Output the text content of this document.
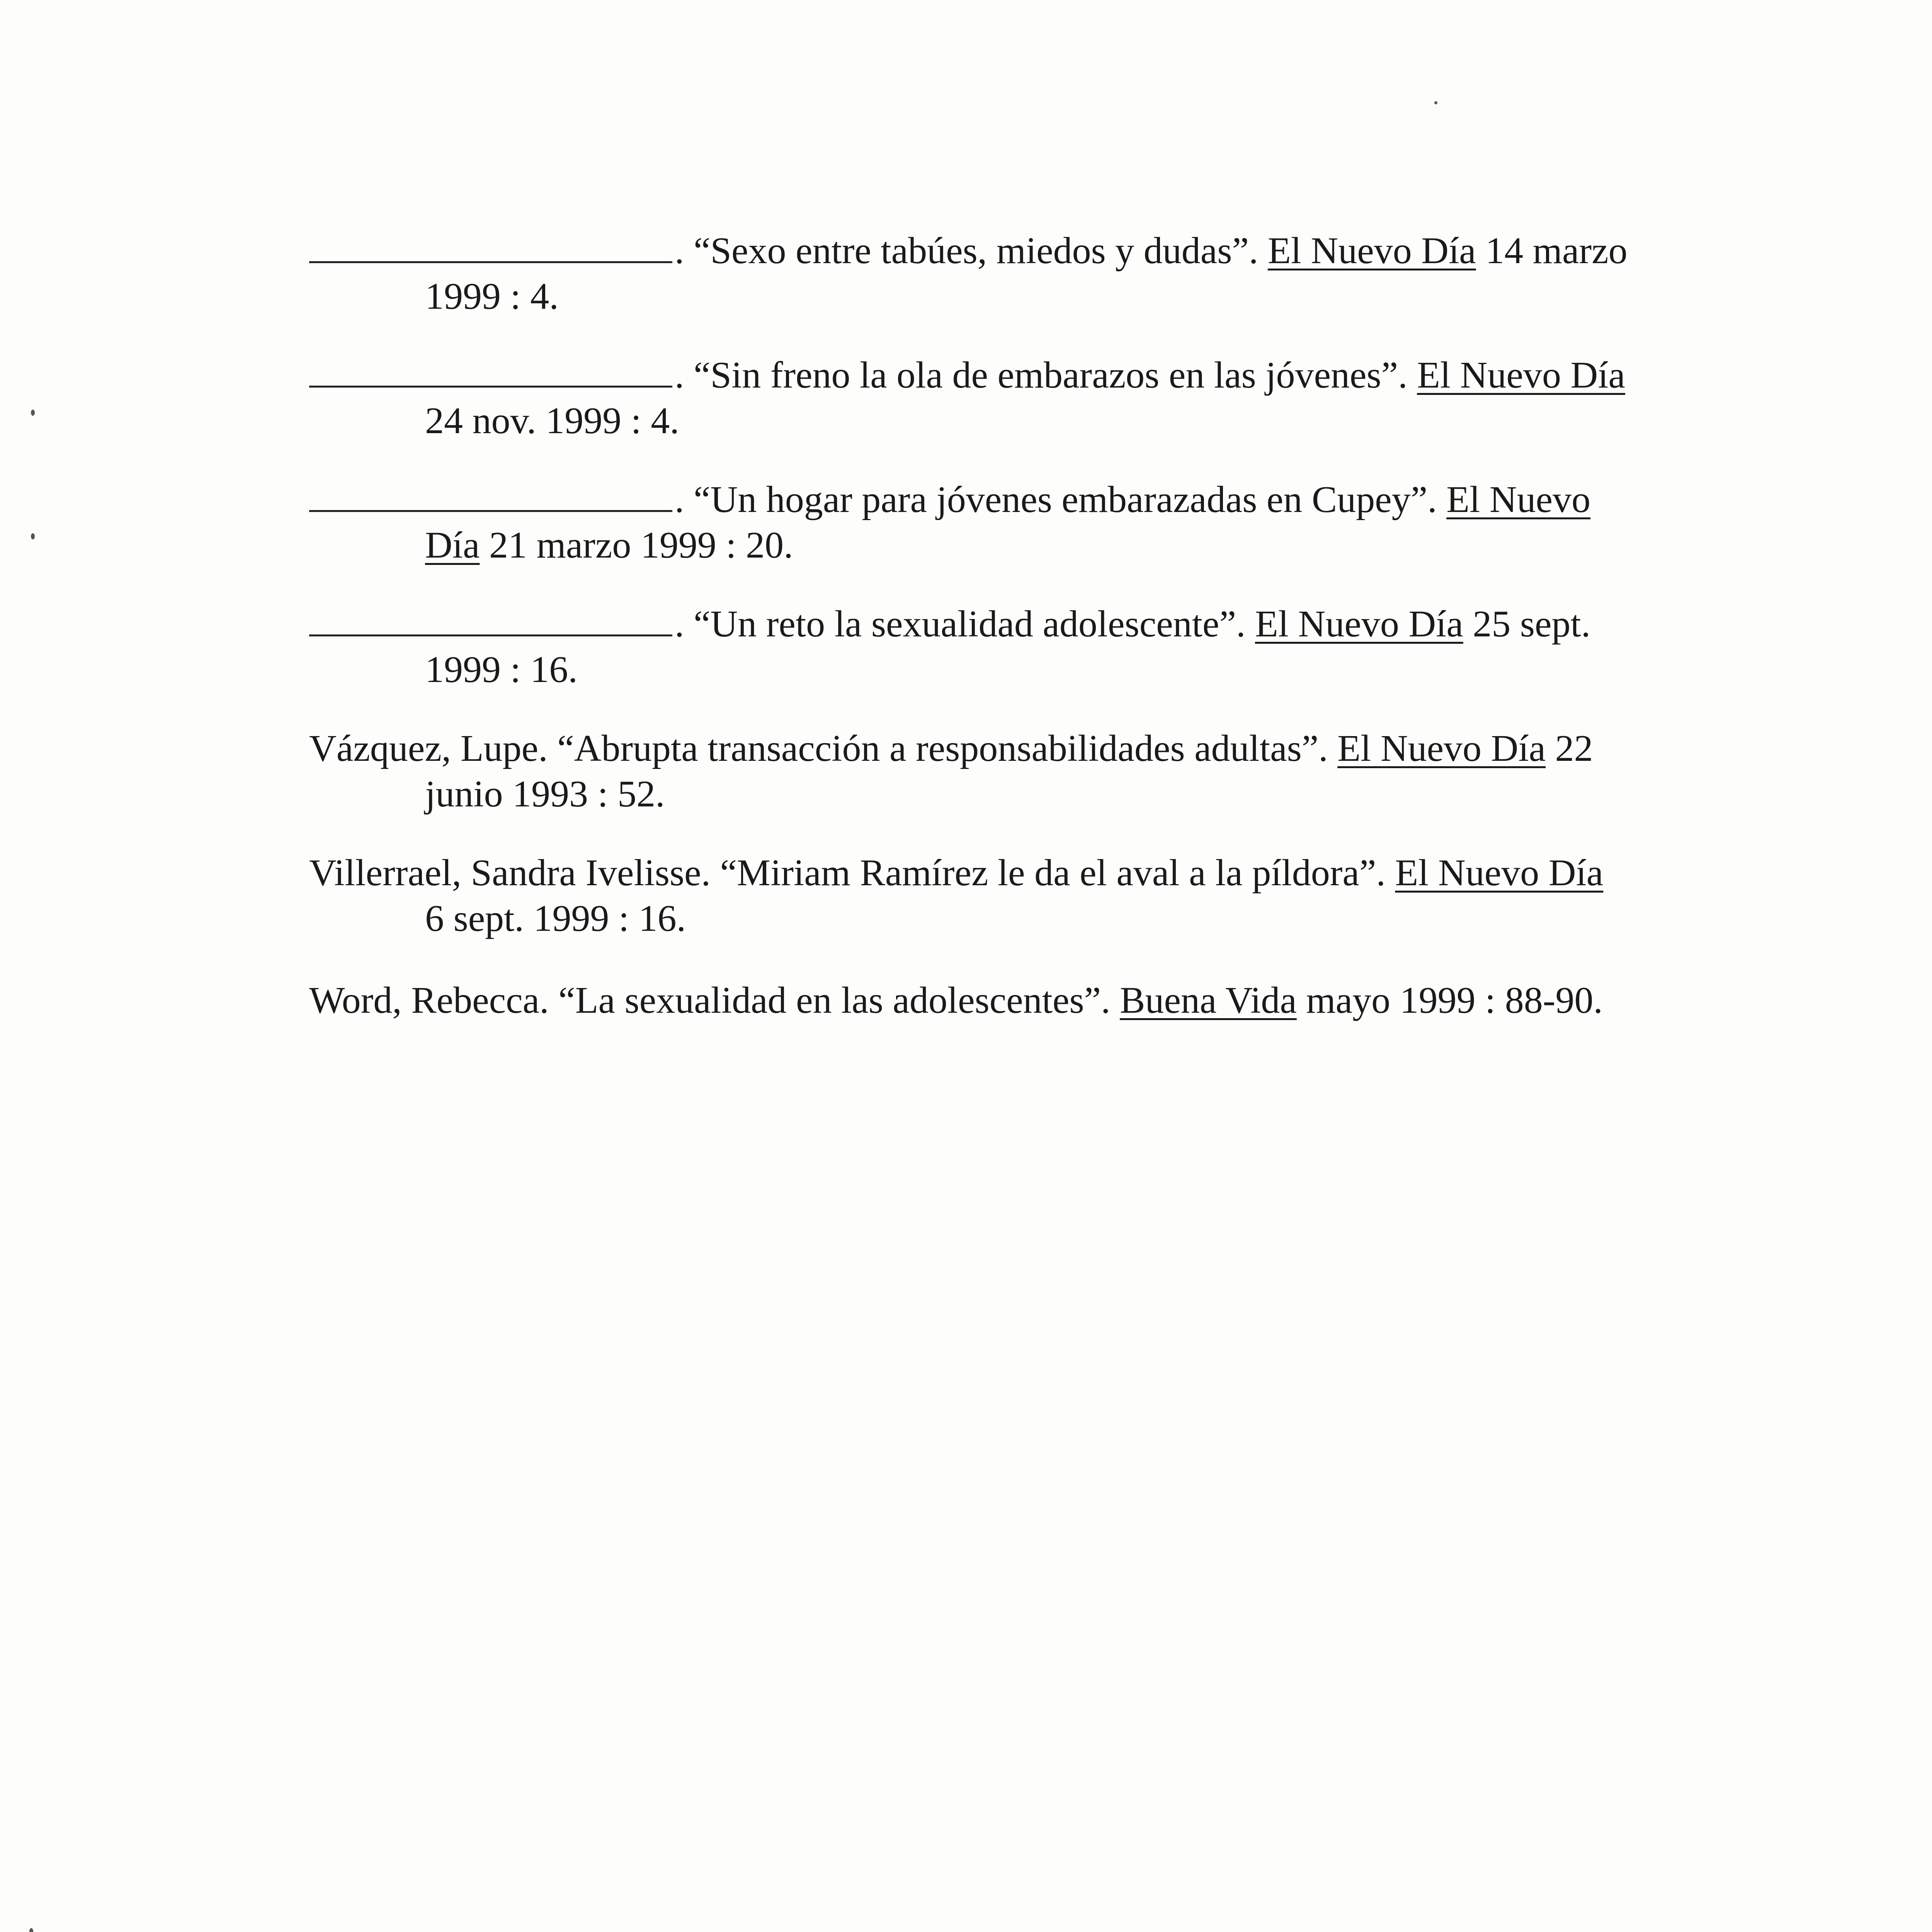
. “Sexo entre tabúes, miedos y dudas”. El Nuevo Día 14 marzo
1999 : 4.
. “Sin freno la ola de embarazos en las jóvenes”. El Nuevo Día
24 nov. 1999 : 4.
. “Un hogar para jóvenes embarazadas en Cupey”. El Nuevo
Día 21 marzo 1999 : 20.
. “Un reto la sexualidad adolescente”. El Nuevo Día 25 sept.
1999 : 16.
Vázquez, Lupe. “Abrupta transacción a responsabilidades adultas”. El Nuevo Día 22
junio 1993 : 52.
Villerrael, Sandra Ivelisse. “Miriam Ramírez le da el aval a la píldora”. El Nuevo Día
6 sept. 1999 : 16.
Word, Rebecca. “La sexualidad en las adolescentes”. Buena Vida mayo 1999 : 88-90.
